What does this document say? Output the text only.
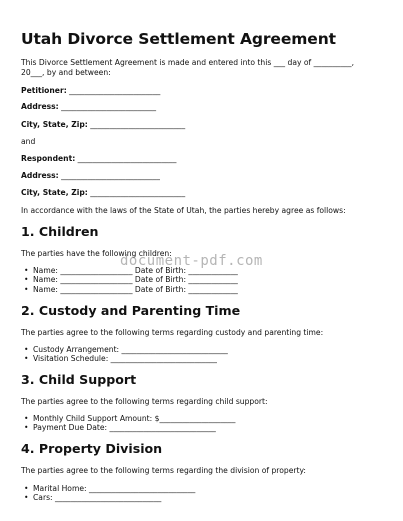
Utah Divorce Settlement Agreement
This Divorce Settlement Agreement is made and entered into this ___ day of __________,
20___, by and between:
Petitioner: ________________________
Address: _________________________
City, State, Zip: _________________________
and
Respondent: __________________________
Address: __________________________
City, State, Zip: _________________________
In accordance with the laws of the State of Utah, the parties hereby agree as follows:
1. Children
The parties have the following children:
• Name: ___________________ Date of Birth: _____________
• Name: ___________________ Date of Birth: _____________
• Name: ___________________ Date of Birth: _____________
2. Custody and Parenting Time
The parties agree to the following terms regarding custody and parenting time:
• Custody Arrangement: ____________________________
• Visitation Schedule: ____________________________
3. Child Support
The parties agree to the following terms regarding child support:
• Monthly Child Support Amount: $____________________
• Payment Due Date: ____________________________
4. Property Division
The parties agree to the following terms regarding the division of property:
• Marital Home: ____________________________
• Cars: ____________________________
document-pdf.com
